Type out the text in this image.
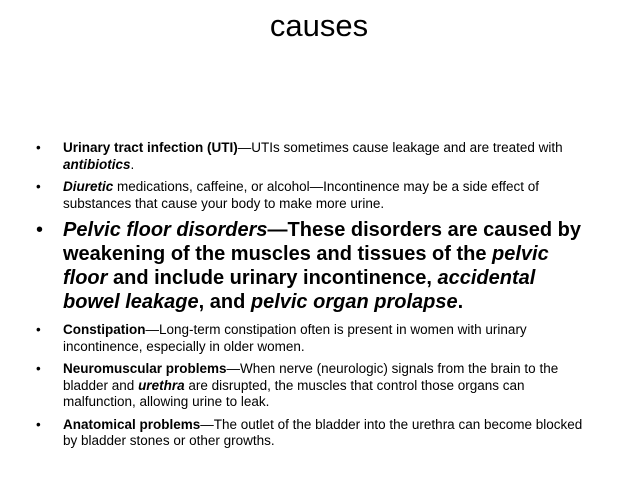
causes
• Urinary tract infection (UTI)—UTIs sometimes cause leakage and are treated with antibiotics.
• Diuretic medications, caffeine, or alcohol—Incontinence may be a side effect of substances that cause your body to make more urine.
• Pelvic floor disorders—These disorders are caused by weakening of the muscles and tissues of the pelvic floor and include urinary incontinence, accidental bowel leakage, and pelvic organ prolapse.
• Constipation—Long-term constipation often is present in women with urinary incontinence, especially in older women.
• Neuromuscular problems—When nerve (neurologic) signals from the brain to the bladder and urethra are disrupted, the muscles that control those organs can malfunction, allowing urine to leak.
• Anatomical problems—The outlet of the bladder into the urethra can become blocked by bladder stones or other growths.
